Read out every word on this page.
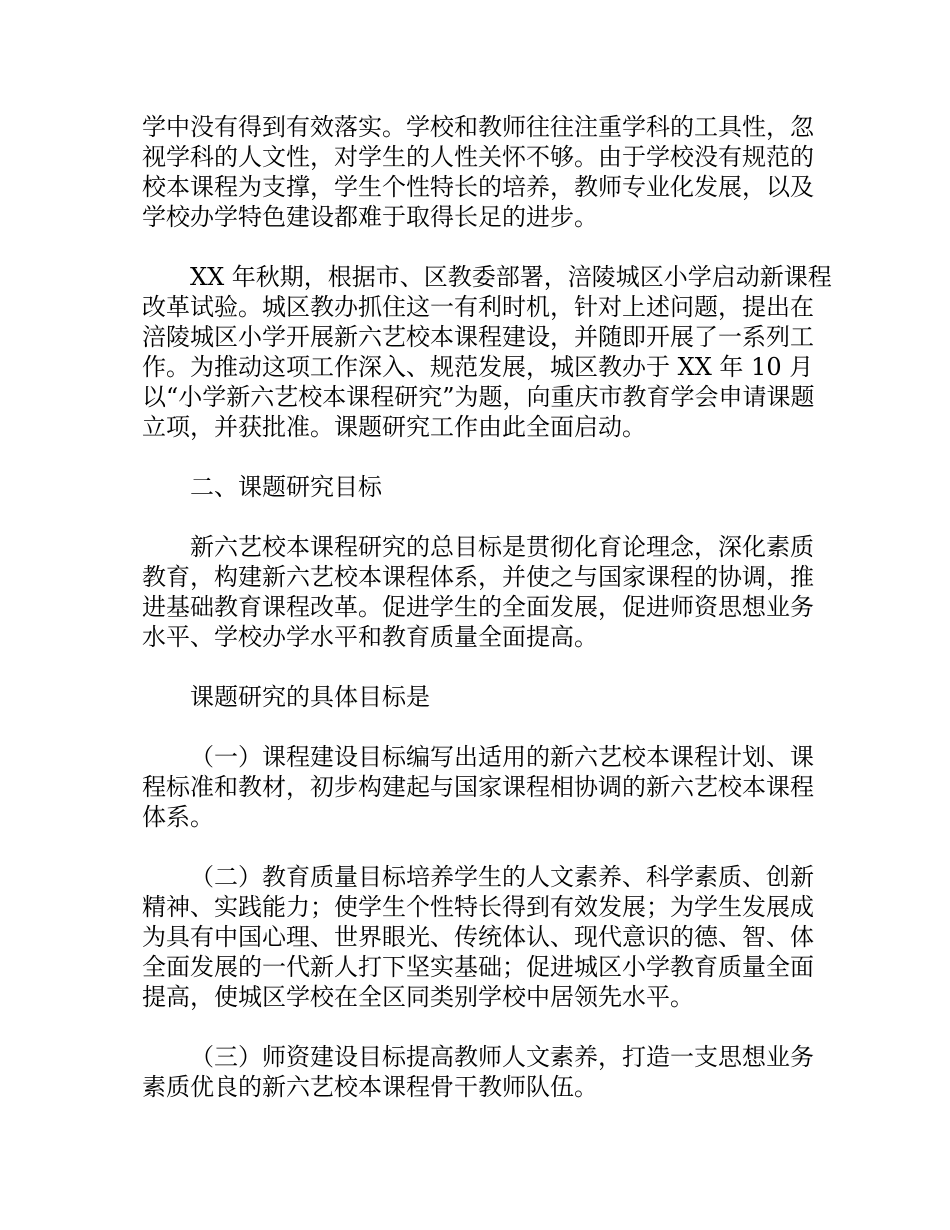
学中没有得到有效落实。学校和教师往往注重学科的工具性，忽视学科的人文性，对学生的人性关怀不够。由于学校没有规范的校本课程为支撑，学生个性特长的培养，教师专业化发展，以及学校办学特色建设都难于取得长足的进步。

XX 年秋期，根据市、区教委部署，涪陵城区小学启动新课程改革试验。城区教办抓住这一有利时机，针对上述问题，提出在涪陵城区小学开展新六艺校本课程建设，并随即开展了一系列工作。为推动这项工作深入、规范发展，城区教办于 XX 年 10 月以“小学新六艺校本课程研究”为题，向重庆市教育学会申请课题立项，并获批准。课题研究工作由此全面启动。

二、课题研究目标

新六艺校本课程研究的总目标是贯彻化育论理念，深化素质教育，构建新六艺校本课程体系，并使之与国家课程的协调，推进基础教育课程改革。促进学生的全面发展，促进师资思想业务水平、学校办学水平和教育质量全面提高。

课题研究的具体目标是

（一）课程建设目标编写出适用的新六艺校本课程计划、课程标准和教材，初步构建起与国家课程相协调的新六艺校本课程体系。

（二）教育质量目标培养学生的人文素养、科学素质、创新精神、实践能力；使学生个性特长得到有效发展；为学生发展成为具有中国心理、世界眼光、传统体认、现代意识的德、智、体全面发展的一代新人打下坚实基础；促进城区小学教育质量全面提高，使城区学校在全区同类别学校中居领先水平。

（三）师资建设目标提高教师人文素养，打造一支思想业务素质优良的新六艺校本课程骨干教师队伍。
